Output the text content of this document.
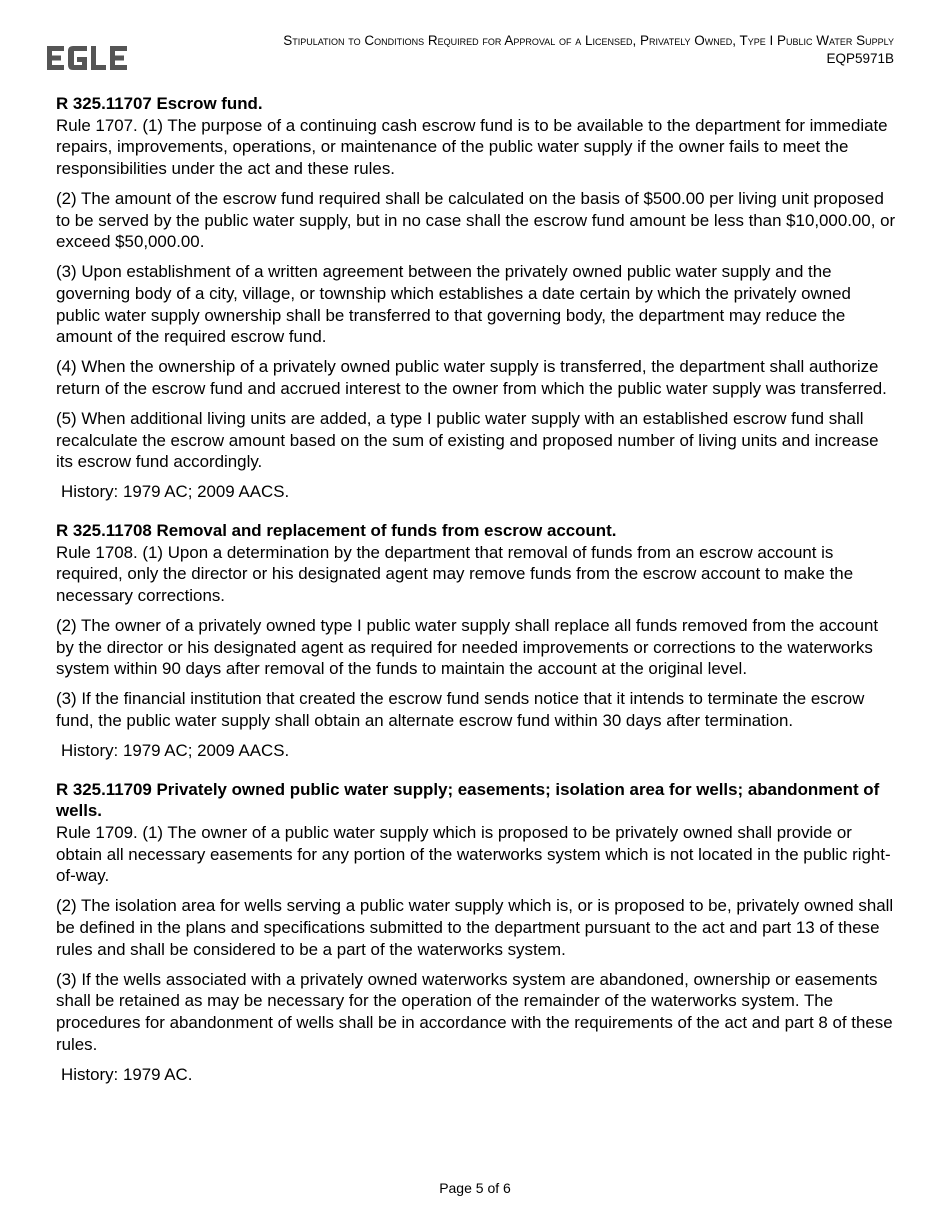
Stipulation to Conditions Required for Approval of a Licensed, Privately Owned, Type I Public Water Supply
EQP5971B

R 325.11707 Escrow fund.

Rule 1707. (1) The purpose of a continuing cash escrow fund is to be available to the department for immediate repairs, improvements, operations, or maintenance of the public water supply if the owner fails to meet the responsibilities under the act and these rules.

(2) The amount of the escrow fund required shall be calculated on the basis of $500.00 per living unit proposed to be served by the public water supply, but in no case shall the escrow fund amount be less than $10,000.00, or exceed $50,000.00.

(3) Upon establishment of a written agreement between the privately owned public water supply and the governing body of a city, village, or township which establishes a date certain by which the privately owned public water supply ownership shall be transferred to that governing body, the department may reduce the amount of the required escrow fund.

(4) When the ownership of a privately owned public water supply is transferred, the department shall authorize return of the escrow fund and accrued interest to the owner from which the public water supply was transferred.

(5) When additional living units are added, a type I public water supply with an established escrow fund shall recalculate the escrow amount based on the sum of existing and proposed number of living units and increase its escrow fund accordingly.

History: 1979 AC; 2009 AACS.

R 325.11708 Removal and replacement of funds from escrow account.

Rule 1708. (1) Upon a determination by the department that removal of funds from an escrow account is required, only the director or his designated agent may remove funds from the escrow account to make the necessary corrections.

(2) The owner of a privately owned type I public water supply shall replace all funds removed from the account by the director or his designated agent as required for needed improvements or corrections to the waterworks system within 90 days after removal of the funds to maintain the account at the original level.

(3) If the financial institution that created the escrow fund sends notice that it intends to terminate the escrow fund, the public water supply shall obtain an alternate escrow fund within 30 days after termination.

History: 1979 AC; 2009 AACS.

R 325.11709 Privately owned public water supply; easements; isolation area for wells; abandonment of wells.

Rule 1709. (1) The owner of a public water supply which is proposed to be privately owned shall provide or obtain all necessary easements for any portion of the waterworks system which is not located in the public right-of-way.

(2) The isolation area for wells serving a public water supply which is, or is proposed to be, privately owned shall be defined in the plans and specifications submitted to the department pursuant to the act and part 13 of these rules and shall be considered to be a part of the waterworks system.

(3) If the wells associated with a privately owned waterworks system are abandoned, ownership or easements shall be retained as may be necessary for the operation of the remainder of the waterworks system. The procedures for abandonment of wells shall be in accordance with the requirements of the act and part 8 of these rules.

History: 1979 AC.

Page 5 of 6
